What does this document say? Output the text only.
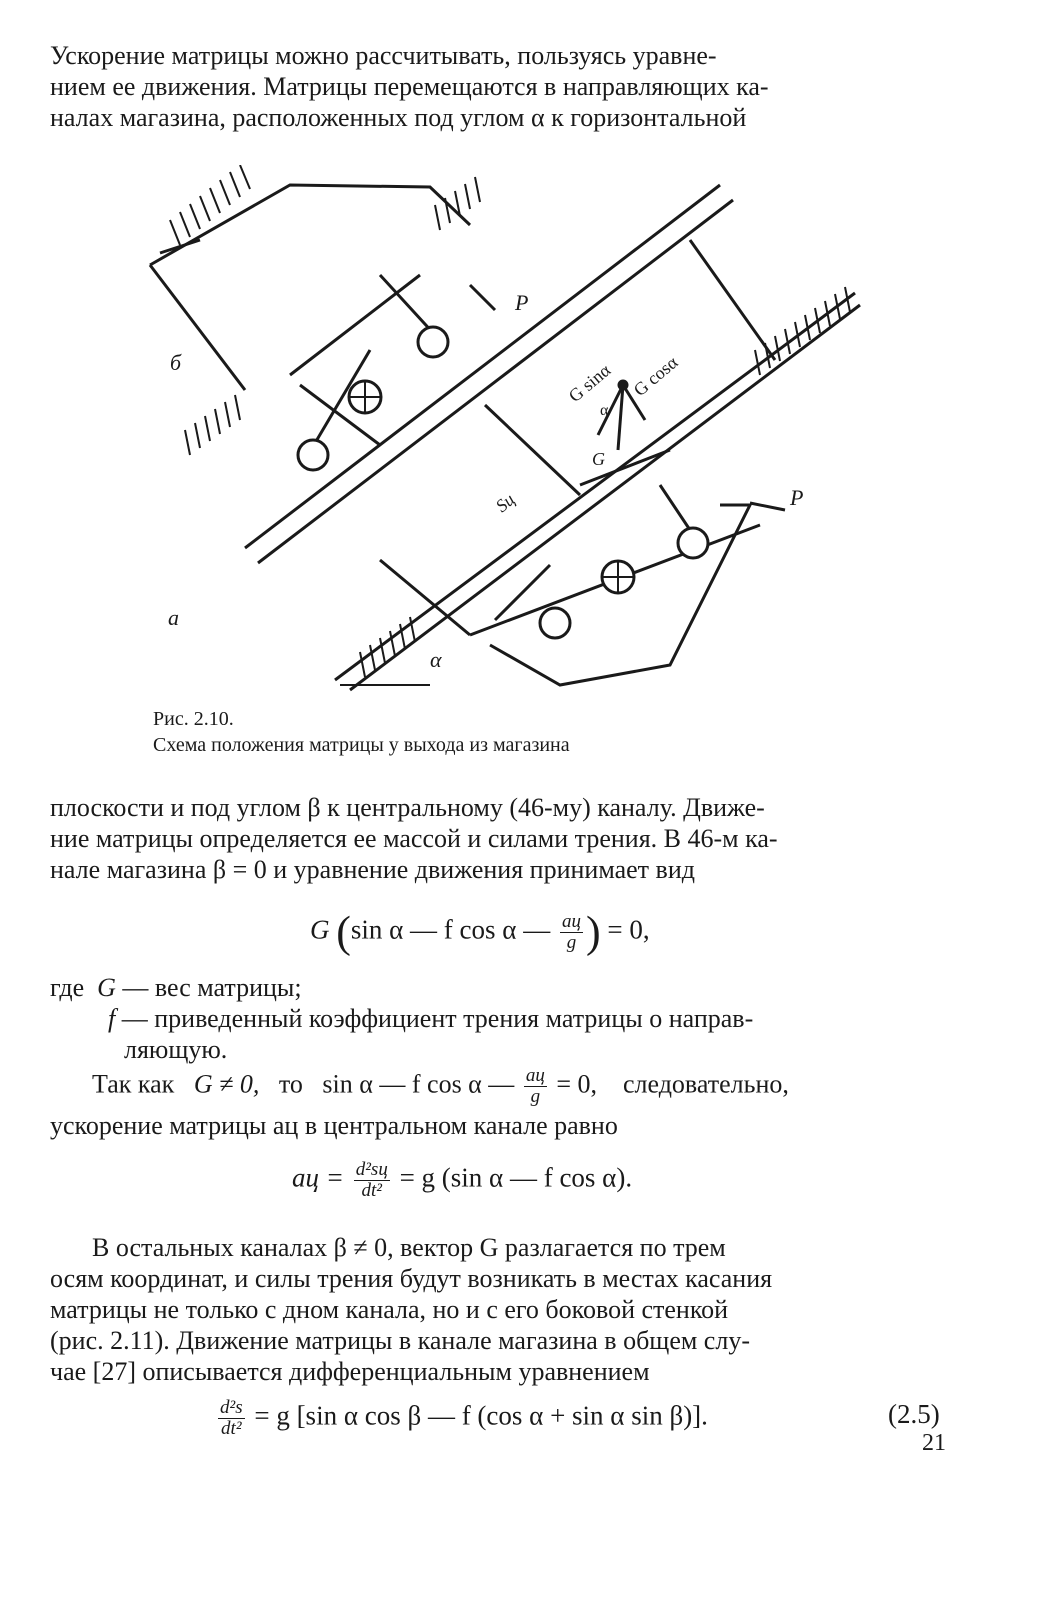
Ускорение матрицы можно рассчитывать, пользуясь уравне-
нием ее движения. Матрицы перемещаются в направляющих ка-
налах магазина, расположенных под углом α к горизонтальной

б
а
P
P
G sinα G cosα
α
G
Sц
α
Рис. 2.10.
Схема положения матрицы у выхода из магазина

плоскости и под углом β к центральному (46-му) каналу. Движе-
ние матрицы определяется ее массой и силами трения. В 46-м ка-
нале магазина β = 0 и уравнение движения принимает вид

G (sin α — f cos α — $\frac{aц}{g}$ ) = 0,
где G — вес матрицы;
f — приведенный коэффициент трения матрицы о направ-
ляющую.
Так как G ≠ 0, то sin α — f cos α — $\frac{aц}{g} = 0$, следовательно,
ускорение матрицы aц в центральном канале равно
aц = $\frac{\text{d²sц}}{\text{dt²}} = g$ (sin α — f cos α).

В остальных каналах β ≠ 0, вектор G разлагается по трем
осям координат, и силы трения будут возникать в местах касания
матрицы не только с дном канала, но и с его боковой стенкой
(рис. 2.11). Движение матрицы в канале магазина в общем слу-
чае [27] описывается дифференциальным уравнением

$\frac{\text{d²s}}{\text{dt²}} = g$ [sin α cos β — f (cos α + sin α sin β)].	(2.5)
21
